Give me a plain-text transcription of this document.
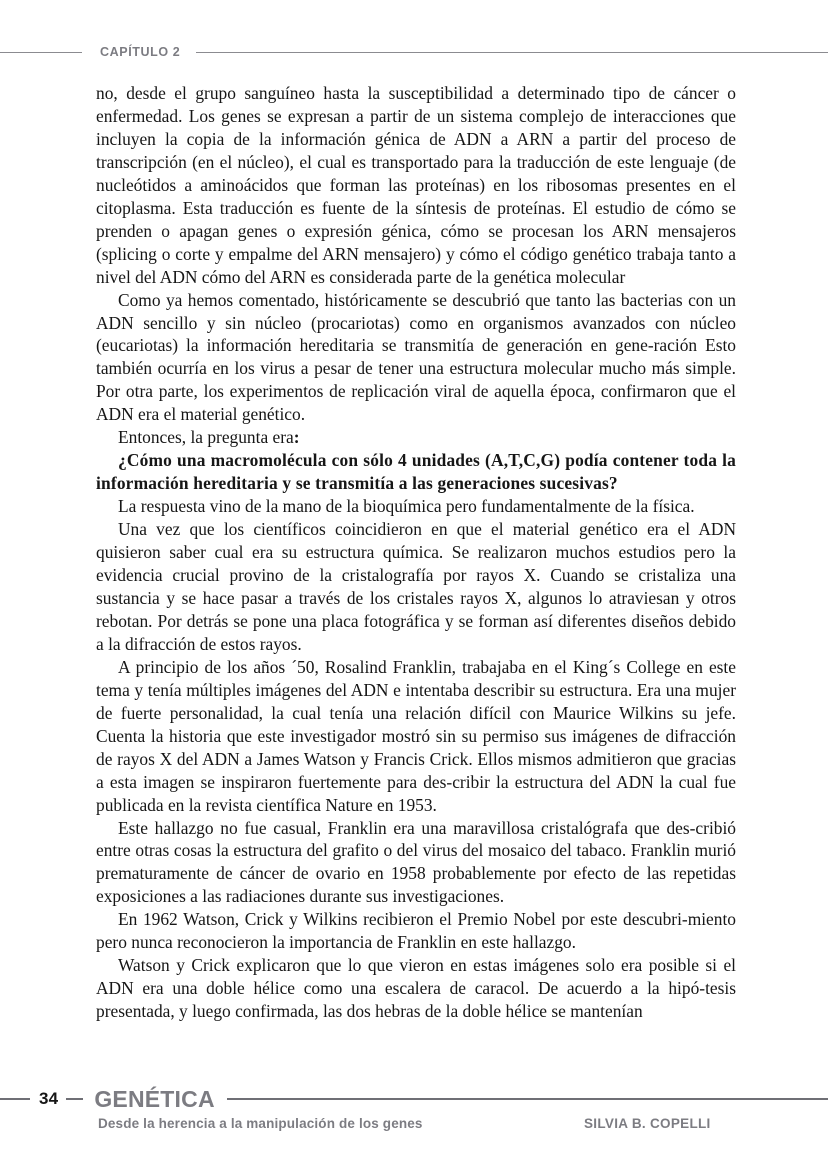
CAPÍTULO 2

no, desde el grupo sanguíneo hasta la susceptibilidad a determinado tipo de cáncer o enfermedad. Los genes se expresan a partir de un sistema complejo de interacciones que incluyen la copia de la información génica de ADN a ARN a partir del proceso de transcripción (en el núcleo), el cual es transportado para la traducción de este lenguaje (de nucleótidos a aminoácidos que forman las proteínas) en los ribosomas presentes en el citoplasma. Esta traducción es fuente de la síntesis de proteínas. El estudio de cómo se prenden o apagan genes o expresión génica, cómo se procesan los ARN mensajeros (splicing o corte y empalme del ARN mensajero) y cómo el código genético trabaja tanto a nivel del ADN cómo del ARN es considerada parte de la genética molecular

Como ya hemos comentado, históricamente se descubrió que tanto las bacterias con un ADN sencillo y sin núcleo (procariotas) como en organismos avanzados con núcleo (eucariotas) la información hereditaria se transmitía de generación en gene-ración Esto también ocurría en los virus a pesar de tener una estructura molecular mucho más simple. Por otra parte, los experimentos de replicación viral de aquella época, confirmaron que el ADN era el material genético.

Entonces, la pregunta era:

¿Cómo una macromolécula con sólo 4 unidades (A,T,C,G) podía contener toda la información hereditaria y se transmitía a las generaciones sucesivas?

La respuesta vino de la mano de la bioquímica pero fundamentalmente de la física.

Una vez que los científicos coincidieron en que el material genético era el ADN quisieron saber cual era su estructura química. Se realizaron muchos estudios pero la evidencia crucial provino de la cristalografía por rayos X. Cuando se cristaliza una sustancia y se hace pasar a través de los cristales rayos X, algunos lo atraviesan y otros rebotan. Por detrás se pone una placa fotográfica y se forman así diferentes diseños debido a la difracción de estos rayos.

A principio de los años ´50, Rosalind Franklin, trabajaba en el King´s College en este tema y tenía múltiples imágenes del ADN e intentaba describir su estructura. Era una mujer de fuerte personalidad, la cual tenía una relación difícil con Maurice Wilkins su jefe. Cuenta la historia que este investigador mostró sin su permiso sus imágenes de difracción de rayos X del ADN a James Watson y Francis Crick. Ellos mismos admitieron que gracias a esta imagen se inspiraron fuertemente para des-cribir la estructura del ADN la cual fue publicada en la revista científica Nature en 1953.

Este hallazgo no fue casual, Franklin era una maravillosa cristalógrafa que des-cribió entre otras cosas la estructura del grafito o del virus del mosaico del tabaco. Franklin murió prematuramente de cáncer de ovario en 1958 probablemente por efecto de las repetidas exposiciones a las radiaciones durante sus investigaciones.

En 1962 Watson, Crick y Wilkins recibieron el Premio Nobel por este descubri-miento pero nunca reconocieron la importancia de Franklin en este hallazgo.

Watson y Crick explicaron que lo que vieron en estas imágenes solo era posible si el ADN era una doble hélice como una escalera de caracol. De acuerdo a la hipó-tesis presentada, y luego confirmada, las dos hebras de la doble hélice se mantenían

34 GENÉTICA
Desde la herencia a la manipulación de los genes	SILVIA B. COPELLI
